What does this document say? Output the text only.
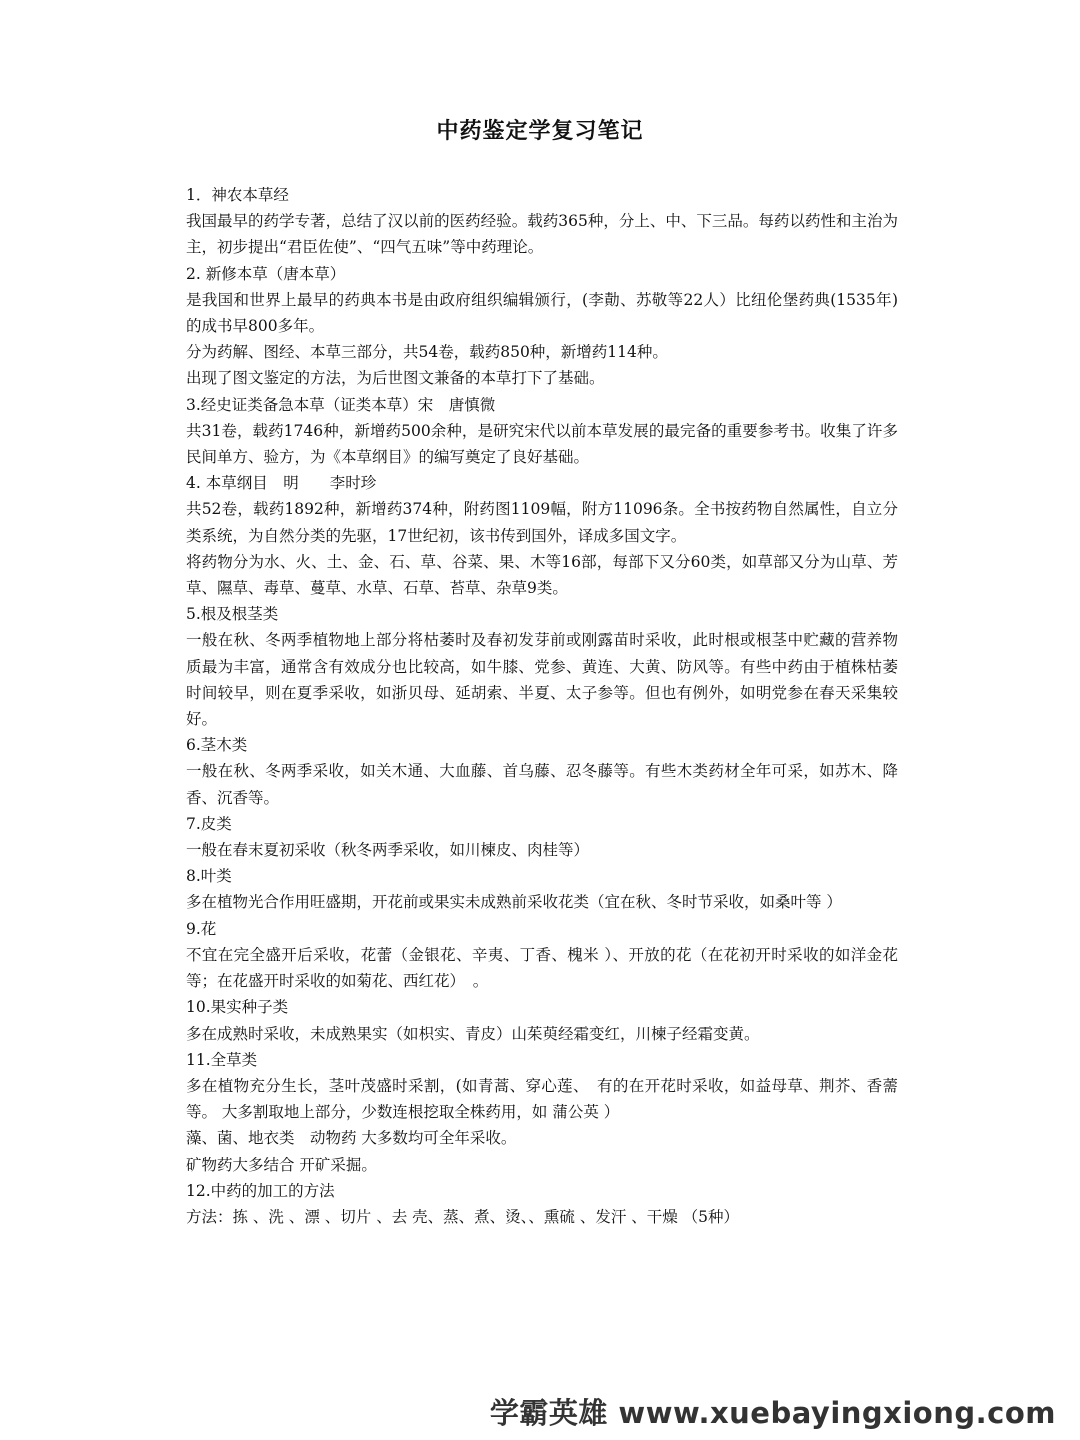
中药鉴定学复习笔记

1．神农本草经

我国最早的药学专著，总结了汉以前的医药经验。载药365种，分上、中、下三品。每药以药性和主治为主，初步提出“君臣佐使”、“四气五味”等中药理论。

2. 新修本草（唐本草）

是我国和世界上最早的药典本书是由政府组织编辑颁行，(李勣、苏敬等22人）比纽伦堡药典(1535年)的成书早800多年。

分为药解、图经、本草三部分，共54卷，载药850种，新增药114种。

出现了图文鉴定的方法，为后世图文兼备的本草打下了基础。

3.经史证类备急本草（证类本草）宋　唐慎微

共31卷，载药1746种，新增药500余种，是研究宋代以前本草发展的最完备的重要参考书。收集了许多民间单方、验方，为《本草纲目》的编写奠定了良好基础。

4. 本草纲目　明　　李时珍

共52卷，载药1892种，新增药374种，附药图1109幅，附方11096条。全书按药物自然属性，自立分类系统，为自然分类的先驱，17世纪初，该书传到国外，译成多国文字。

将药物分为水、火、土、金、石、草、谷菜、果、木等16部，每部下又分60类，如草部又分为山草、芳草、隰草、毒草、蔓草、水草、石草、苔草、杂草9类。

5.根及根茎类

一般在秋、冬两季植物地上部分将枯萎时及春初发芽前或刚露苗时采收，此时根或根茎中贮藏的营养物质最为丰富，通常含有效成分也比较高，如牛膝、党参、黄连、大黄、防风等。有些中药由于植株枯萎时间较早，则在夏季采收，如浙贝母、延胡索、半夏、太子参等。但也有例外，如明党参在春天采集较好。

6.茎木类

一般在秋、冬两季采收，如关木通、大血藤、首乌藤、忍冬藤等。有些木类药材全年可采，如苏木、降香、沉香等。

7.皮类

一般在春末夏初采收（秋冬两季采收，如川楝皮、肉桂等）

8.叶类

多在植物光合作用旺盛期，开花前或果实未成熟前采收花类（宜在秋、冬时节采收，如桑叶等 ）

9.花

不宜在完全盛开后采收，花蕾（金银花、辛夷、丁香、槐米 ）、开放的花（在花初开时采收的如洋金花等；在花盛开时采收的如菊花、西红花）　。

10.果实种子类

多在成熟时采收，未成熟果实（如枳实、青皮）山茱萸经霜变红，川楝子经霜变黄。

11.全草类

多在植物充分生长，茎叶茂盛时采割，(如青蒿、穿心莲、　有的在开花时采收，如益母草、荆芥、香薷等。 大多割取地上部分，少数连根挖取全株药用，如 蒲公英 ）

藻、菌、地衣类　动物药 大多数均可全年采收。

矿物药大多结合 开矿采掘。

12.中药的加工的方法

方法：拣 、洗 、漂 、切片 、去 壳、蒸、煮、烫、、熏硫 、发汗 、干燥 （5种）

学霸英雄 www.xuebayingxiong.com
